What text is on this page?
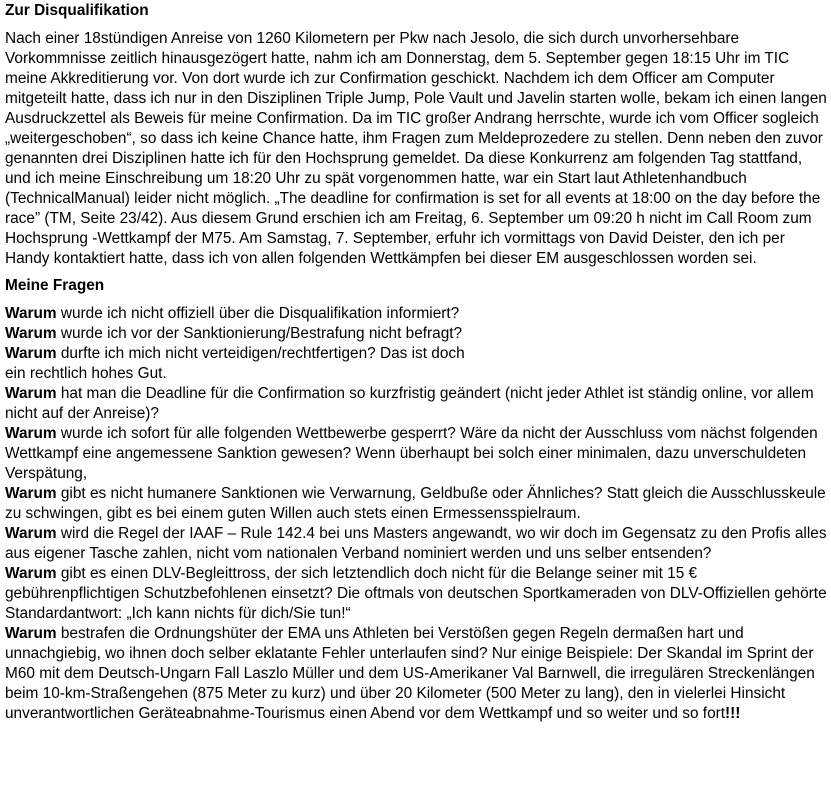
Zur Disqualifikation

Nach einer 18stündigen Anreise von 1260 Kilometern per Pkw nach Jesolo, die sich durch unvorhersehbare Vorkommnisse zeitlich hinausgezögert hatte, nahm ich am Donnerstag, dem 5. September gegen 18:15 Uhr im TIC meine Akkreditierung vor. Von dort wurde ich zur Confirmation geschickt. Nachdem ich dem Officer am Computer mitgeteilt hatte, dass ich nur in den Disziplinen Triple Jump, Pole Vault und Javelin starten wolle, bekam ich einen langen Ausdruckzettel als Beweis für meine Confirmation. Da im TIC großer Andrang herrschte, wurde ich vom Officer sogleich „weitergeschoben“, so dass ich keine Chance hatte, ihm Fragen zum Meldeprozedere zu stellen. Denn neben den zuvor genannten drei Disziplinen hatte ich für den Hochsprung gemeldet. Da diese Konkurrenz am folgenden Tag stattfand, und ich meine Einschreibung um 18:20 Uhr zu spät vorgenommen hatte, war ein Start laut Athletenhandbuch (TechnicalManual) leider nicht möglich. „The deadline for confirmation is set for all events at 18:00 on the day before the race” (TM, Seite 23/42). Aus diesem Grund erschien ich am Freitag, 6. September um 09:20 h nicht im Call Room zum Hochsprung -Wettkampf der M75. Am Samstag, 7. September, erfuhr ich vormittags von David Deister, den ich per Handy kontaktiert hatte, dass ich von allen folgenden Wettkämpfen bei dieser EM ausgeschlossen worden sei.

Meine Fragen
Warum wurde ich nicht offiziell über die Disqualifikation informiert?
Warum wurde ich vor der Sanktionierung/Bestrafung nicht befragt?
Warum durfte ich mich nicht verteidigen/rechtfertigen? Das ist doch
ein rechtlich hohes Gut.
Warum hat man die Deadline für die Confirmation so kurzfristig geändert (nicht jeder Athlet ist ständig online, vor allem nicht auf der Anreise)?
Warum wurde ich sofort für alle folgenden Wettbewerbe gesperrt? Wäre da nicht der Ausschluss vom nächst folgenden Wettkampf eine angemessene Sanktion gewesen? Wenn überhaupt bei solch einer minimalen, dazu unverschuldeten Verspätung,
Warum gibt es nicht humanere Sanktionen wie Verwarnung, Geldbuße oder Ähnliches? Statt gleich die Ausschlusskeule zu schwingen, gibt es bei einem guten Willen auch stets einen Ermessensspielraum.
Warum wird die Regel der IAAF – Rule 142.4 bei uns Masters angewandt, wo wir doch im Gegensatz zu den Profis alles aus eigener Tasche zahlen, nicht vom nationalen Verband nominiert werden und uns selber entsenden?
Warum gibt es einen DLV-Begleittross, der sich letztendlich doch nicht für die Belange seiner mit 15 € gebührenpflichtigen Schutzbefohlenen einsetzt? Die oftmals von deutschen Sportkameraden von DLV-Offiziellen gehörte Standardantwort: „Ich kann nichts für dich/Sie tun!“
Warum bestrafen die Ordnungshüter der EMA uns Athleten bei Verstößen gegen Regeln dermaßen hart und unnachgiebig, wo ihnen doch selber eklatante Fehler unterlaufen sind? Nur einige Beispiele: Der Skandal im Sprint der M60 mit dem Deutsch-Ungarn Fall Laszlo Müller und dem US-Amerikaner Val Barnwell, die irregulären Streckenlängen beim 10-km-Straßengehen (875 Meter zu kurz) und über 20 Kilometer (500 Meter zu lang), den in vielerlei Hinsicht unverantwortlichen Geräteabnahme-Tourismus einen Abend vor dem Wettkampf und so weiter und so fort!!!
